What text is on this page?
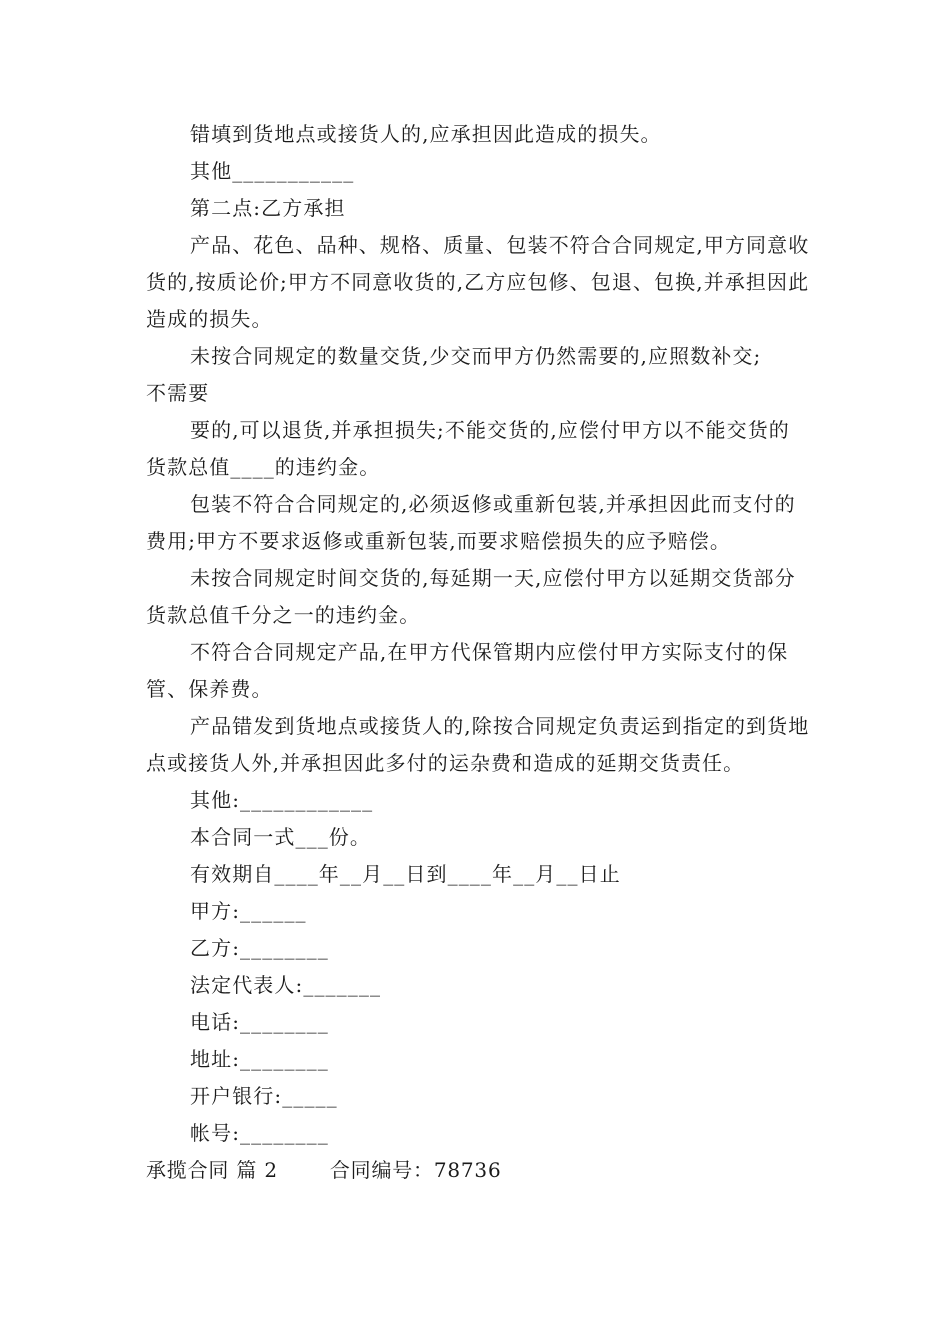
错填到货地点或接货人的,应承担因此造成的损失。

其他___________

第二点:乙方承担

产品、花色、品种、规格、质量、包装不符合合同规定,甲方同意收货的,按质论价;甲方不同意收货的,乙方应包修、包退、包换,并承担因此造成的损失。

未按合同规定的数量交货,少交而甲方仍然需要的,应照数补交;

不需要

要的,可以退货,并承担损失;不能交货的,应偿付甲方以不能交货的货款总值____的违约金。

包装不符合合同规定的,必须返修或重新包装,并承担因此而支付的费用;甲方不要求返修或重新包装,而要求赔偿损失的应予赔偿。

未按合同规定时间交货的,每延期一天,应偿付甲方以延期交货部分货款总值千分之一的违约金。

不符合合同规定产品,在甲方代保管期内应偿付甲方实际支付的保管、保养费。

产品错发到货地点或接货人的,除按合同规定负责运到指定的到货地点或接货人外,并承担因此多付的运杂费和造成的延期交货责任。

其他:____________

本合同一式___份。

有效期自____年__月__日到____年__月__日止

甲方:______

乙方:________

法定代表人:_______

电话:________

地址:________

开户银行:_____

帐号:________

承揽合同 篇 2	合同编号：78736
